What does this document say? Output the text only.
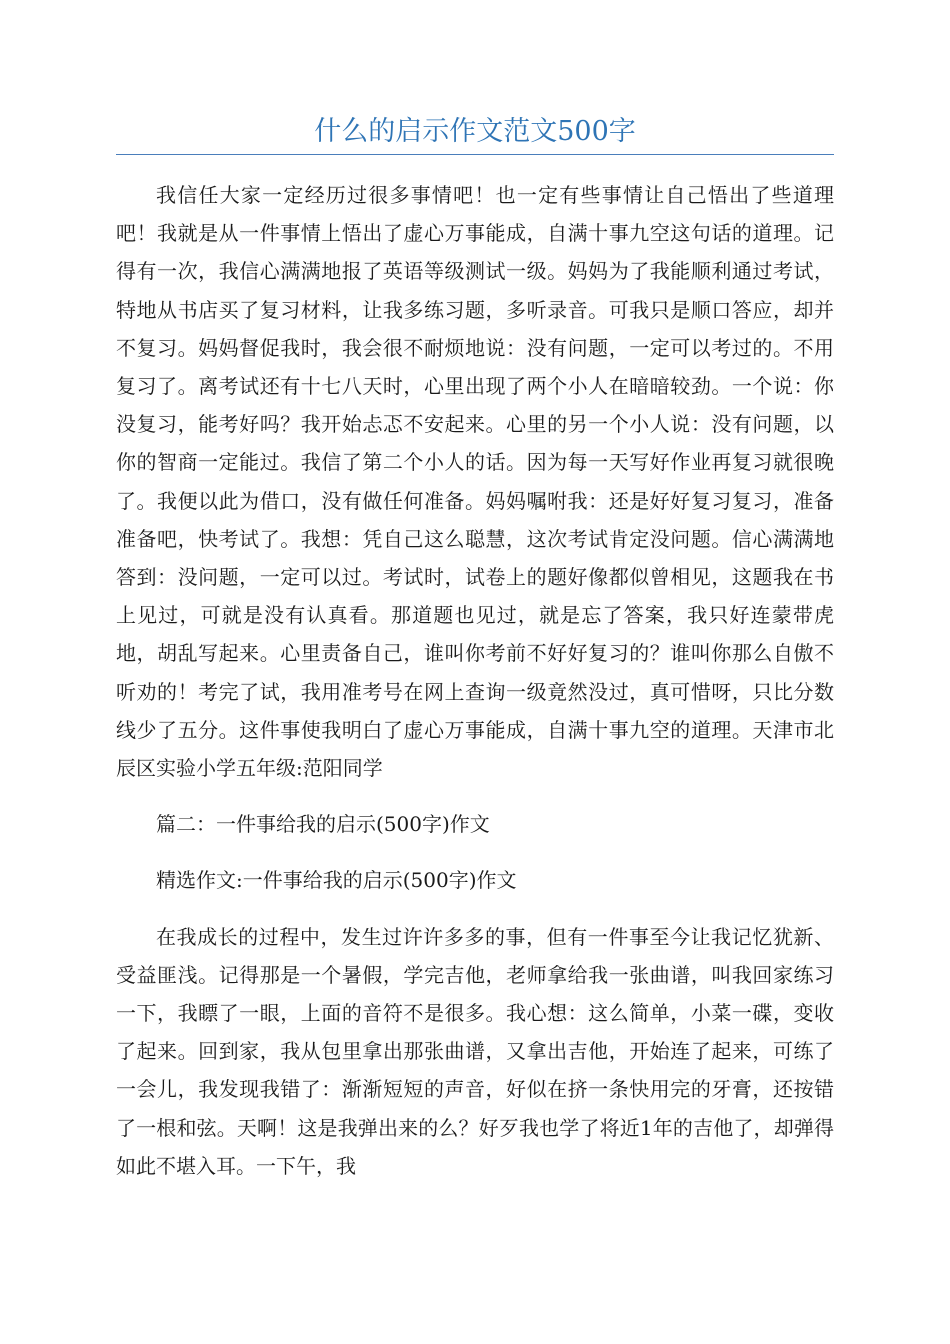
什么的启示作文范文500字

我信任大家一定经历过很多事情吧！也一定有些事情让自己悟出了些道理吧！我就是从一件事情上悟出了虚心万事能成，自满十事九空这句话的道理。记得有一次，我信心满满地报了英语等级测试一级。妈妈为了我能顺利通过考试，特地从书店买了复习材料，让我多练习题，多听录音。可我只是顺口答应，却并不复习。妈妈督促我时，我会很不耐烦地说：没有问题，一定可以考过的。不用复习了。离考试还有十七八天时，心里出现了两个小人在暗暗较劲。一个说：你没复习，能考好吗？我开始忐忑不安起来。心里的另一个小人说：没有问题，以你的智商一定能过。我信了第二个小人的话。因为每一天写好作业再复习就很晚了。我便以此为借口，没有做任何准备。妈妈嘱咐我：还是好好复习复习，准备准备吧，快考试了。我想：凭自己这么聪慧，这次考试肯定没问题。信心满满地答到：没问题，一定可以过。考试时，试卷上的题好像都似曾相见，这题我在书上见过，可就是没有认真看。那道题也见过，就是忘了答案，我只好连蒙带虎地，胡乱写起来。心里责备自己，谁叫你考前不好好复习的？谁叫你那么自傲不听劝的！考完了试，我用准考号在网上查询一级竟然没过，真可惜呀，只比分数线少了五分。这件事使我明白了虚心万事能成，自满十事九空的道理。天津市北辰区实验小学五年级:范阳同学

篇二：一件事给我的启示(500字)作文

精选作文:一件事给我的启示(500字)作文

在我成长的过程中，发生过许许多多的事，但有一件事至今让我记忆犹新、受益匪浅。记得那是一个暑假，学完吉他，老师拿给我一张曲谱，叫我回家练习一下，我瞟了一眼，上面的音符不是很多。我心想：这么简单，小菜一碟，变收了起来。回到家，我从包里拿出那张曲谱，又拿出吉他，开始连了起来，可练了一会儿，我发现我错了：渐渐短短的声音，好似在挤一条快用完的牙膏，还按错了一根和弦。天啊！这是我弹出来的么？好歹我也学了将近1年的吉他了，却弹得如此不堪入耳。一下午，我
